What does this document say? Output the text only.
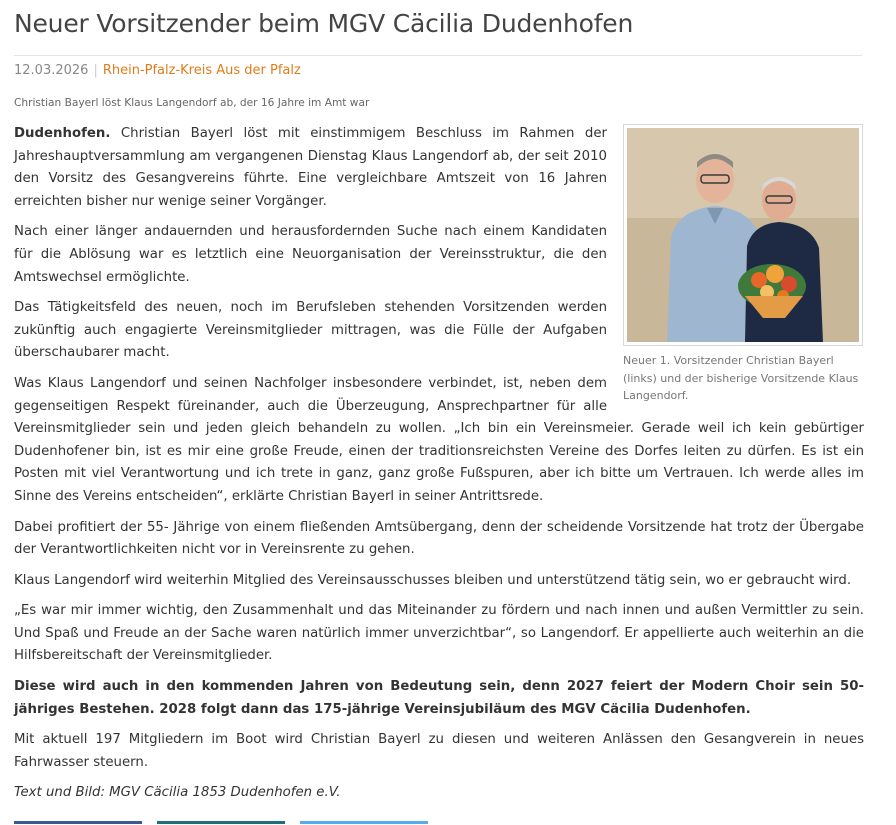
Neuer Vorsitzender beim MGV Cäcilia Dudenhofen
12.03.2026 | Rhein-Pfalz-Kreis Aus der Pfalz
Christian Bayerl löst Klaus Langendorf ab, der 16 Jahre im Amt war
Neuer 1. Vorsitzender Christian Bayerl (links) und der bisherige Vorsitzende Klaus Langendorf.

Dudenhofen. Christian Bayerl löst mit einstimmigem Beschluss im Rahmen der Jahreshauptversammlung am vergangenen Dienstag Klaus Langendorf ab, der seit 2010 den Vorsitz des Gesangvereins führte. Eine vergleichbare Amtszeit von 16 Jahren erreichten bisher nur wenige seiner Vorgänger.

Nach einer länger andauernden und herausfordernden Suche nach einem Kandidaten für die Ablösung war es letztlich eine Neuorganisation der Vereinsstruktur, die den Amtswechsel ermöglichte.

Das Tätigkeitsfeld des neuen, noch im Berufsleben stehenden Vorsitzenden werden zukünftig auch engagierte Vereinsmitglieder mittragen, was die Fülle der Aufgaben überschaubarer macht.

Was Klaus Langendorf und seinen Nachfolger insbesondere verbindet, ist, neben dem gegenseitigen Respekt füreinander, auch die Überzeugung, Ansprechpartner für alle Vereinsmitglieder sein und jeden gleich behandeln zu wollen. „Ich bin ein Vereinsmeier. Gerade weil ich kein gebürtiger Dudenhofener bin, ist es mir eine große Freude, einen der traditionsreichsten Vereine des Dorfes leiten zu dürfen. Es ist ein Posten mit viel Verantwortung und ich trete in ganz, ganz große Fußspuren, aber ich bitte um Vertrauen. Ich werde alles im Sinne des Vereins entscheiden“, erklärte Christian Bayerl in seiner Antrittsrede.

Dabei profitiert der 55- Jährige von einem fließenden Amtsübergang, denn der scheidende Vorsitzende hat trotz der Übergabe der Verantwortlichkeiten nicht vor in Vereinsrente zu gehen.

Klaus Langendorf wird weiterhin Mitglied des Vereinsausschusses bleiben und unterstützend tätig sein, wo er gebraucht wird.

„Es war mir immer wichtig, den Zusammenhalt und das Miteinander zu fördern und nach innen und außen Vermittler zu sein. Und Spaß und Freude an der Sache waren natürlich immer unverzichtbar“, so Langendorf. Er appellierte auch weiterhin an die Hilfsbereitschaft der Vereinsmitglieder.

Diese wird auch in den kommenden Jahren von Bedeutung sein, denn 2027 feiert der Modern Choir sein 50-jähriges Bestehen. 2028 folgt dann das 175-jährige Vereinsjubiläum des MGV Cäcilia Dudenhofen.

Mit aktuell 197 Mitgliedern im Boot wird Christian Bayerl zu diesen und weiteren Anlässen den Gesangverein in neues Fahrwasser steuern.

Text und Bild: MGV Cäcilia 1853 Dudenhofen e.V.
